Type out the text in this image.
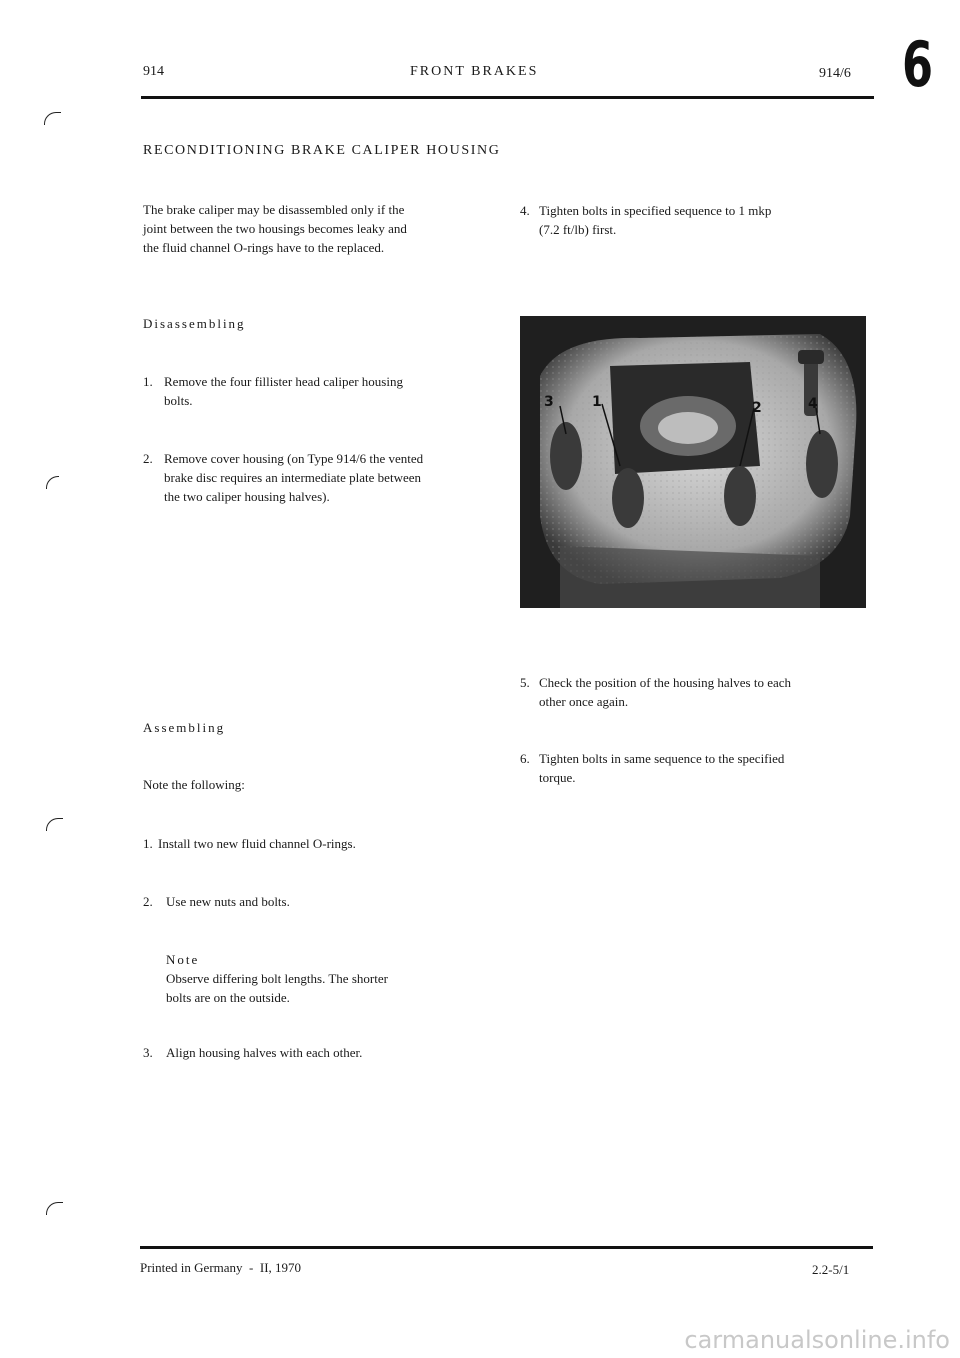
914	FRONT BRAKES	914/6 6
RECONDITIONING BRAKE CALIPER HOUSING
The brake caliper may be disassembled only if the
joint between the two housings becomes leaky and
the fluid channel O-rings have to the replaced.
Disassembling
1. Remove the four fillister head caliper housing
bolts.
2. Remove cover housing (on Type 914/6 the vented
brake disc requires an intermediate plate between
the two caliper housing halves).
Assembling
Note the following:
1. Install two new fluid channel O-rings.
2. Use new nuts and bolts.
Note
Observe differing bolt lengths. The shorter
bolts are on the outside.
3. Align housing halves with each other.
4. Tighten bolts in specified sequence to 1 mkp
(7.2 ft/lb) first.
3	1	2	4
5. Check the position of the housing halves to each
other once again.
6. Tighten bolts in same sequence to the specified
torque.
Printed in Germany  -  II, 1970	2.2-5/1
carmanualsonline.info
